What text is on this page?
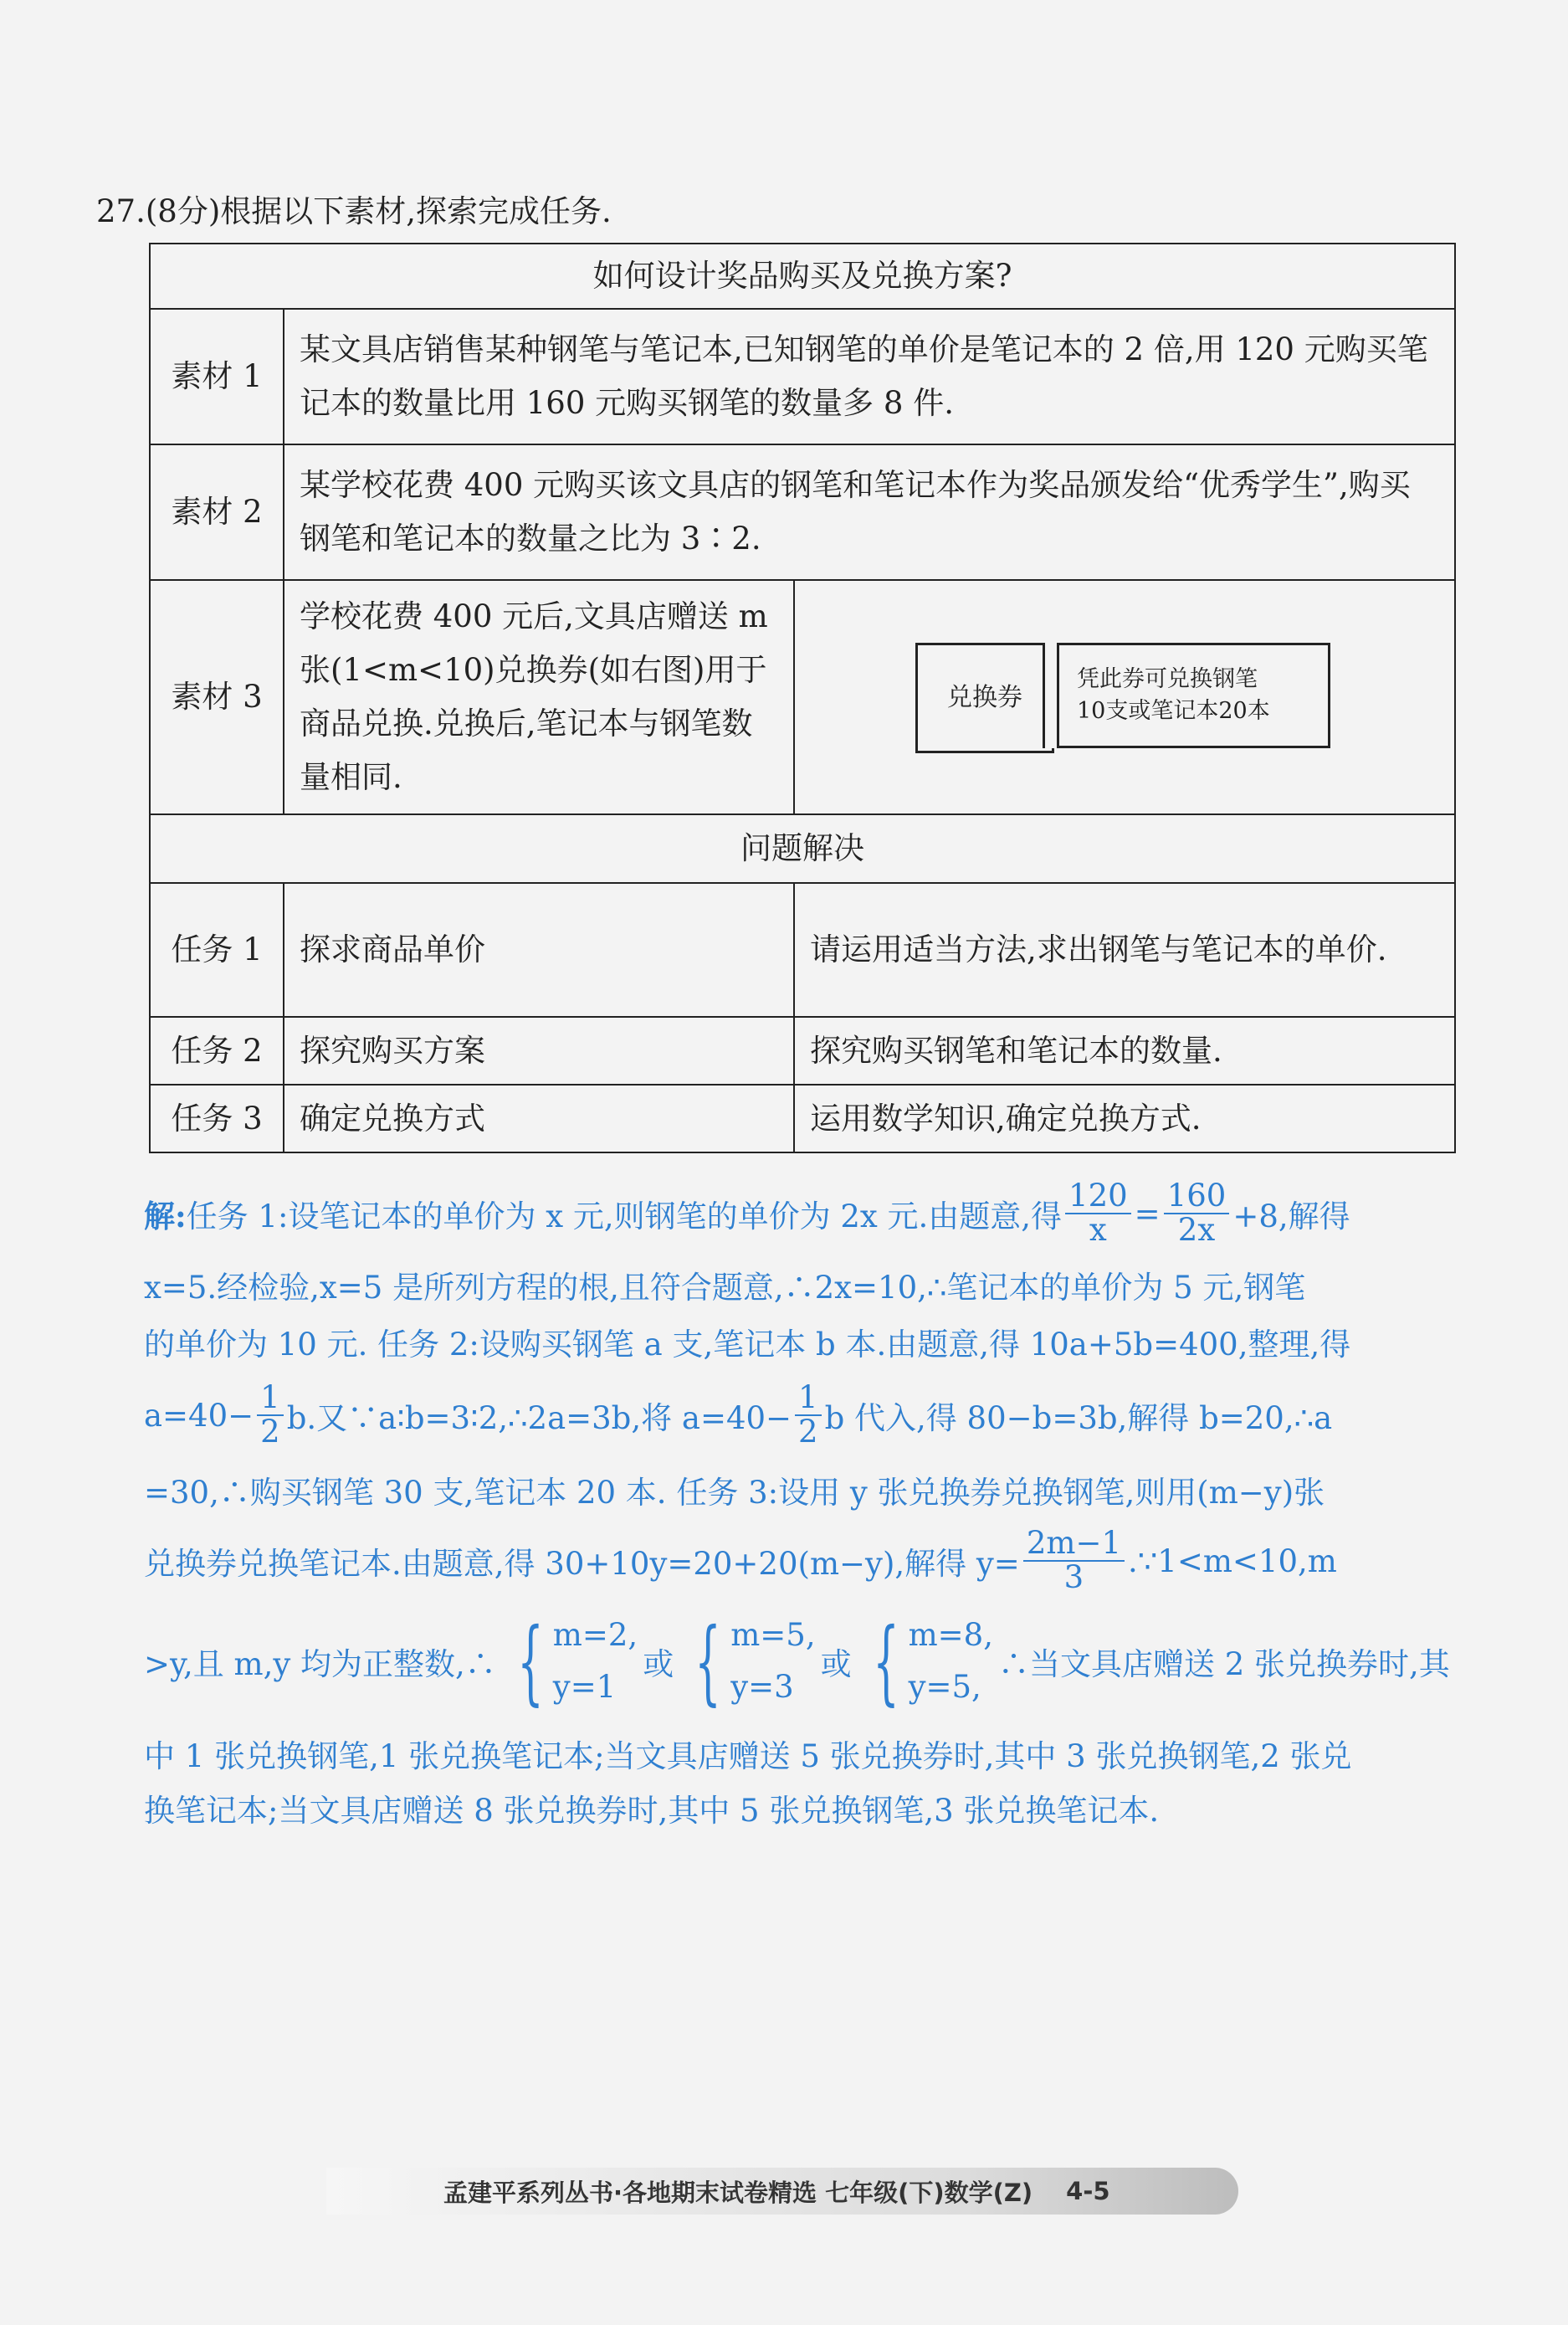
27.(8分)根据以下素材,探索完成任务.
如何设计奖品购买及兑换方案?		
素材 1	某文具店销售某种钢笔与笔记本,已知钢笔的单价是笔记本的 2 倍,用 120 元购买笔记本的数量比用 160 元购买钢笔的数量多 8 件.	
素材 2	某学校花费 400 元购买该文具店的钢笔和笔记本作为奖品颁发给“优秀学生”,购买钢笔和笔记本的数量之比为 3∶2.	
素材 3	学校花费 400 元后,文具店赠送 m 张(1<m<10)兑换券(如右图)用于商品兑换.兑换后,笔记本与钢笔数量相同.	兑换券
凭此券可兑换钢笔
10支或笔记本20本

问题解决		
任务 1	探求商品单价	请运用适当方法,求出钢笔与笔记本的单价.
任务 2	探究购买方案	探究购买钢笔和笔记本的数量.
任务 3	确定兑换方式	运用数学知识,确定兑换方式.
解: 任务 1:设笔记本的单价为 x 元,则钢笔的单价为 2x 元.由题意,得 $\frac{120}{x} = \frac{160}{2x} +8$,解得
x=5.经检验,x=5 是所列方程的根,且符合题意,∴2x=10,∴笔记本的单价为 5 元,钢笔
的单价为 10 元. 任务 2:设购买钢笔 a 支,笔记本 b 本.由题意,得 10a+5b=400,整理,得
$a=40- \frac{1}{2} b$.又∵a∶b=3∶2,∴2a=3b,将 $a=40- \frac{1}{2}$ b 代入,得 80−b=3b,解得 b=20,∴a
=30,∴购买钢笔 30 支,笔记本 20 本. 任务 3:设用 y 张兑换券兑换钢笔,则用(m−y)张
兑换券兑换笔记本.由题意,得 30+10y=20+20(m−y),解得 $y= \frac{2m-1}{3}$ .∵1<m<10,m
>y,且 m,y 均为正整数,∴ { m=2,
y=1
或 { m=5,
y=3
或 { m=8,
y=5,
∴当文具店赠送 2 张兑换券时,其
中 1 张兑换钢笔,1 张兑换笔记本;当文具店赠送 5 张兑换券时,其中 3 张兑换钢笔,2 张兑
换笔记本;当文具店赠送 8 张兑换券时,其中 5 张兑换钢笔,3 张兑换笔记本.
孟建平系列丛书·各地期末试卷精选 七年级(下)数学(Z) 4-5
